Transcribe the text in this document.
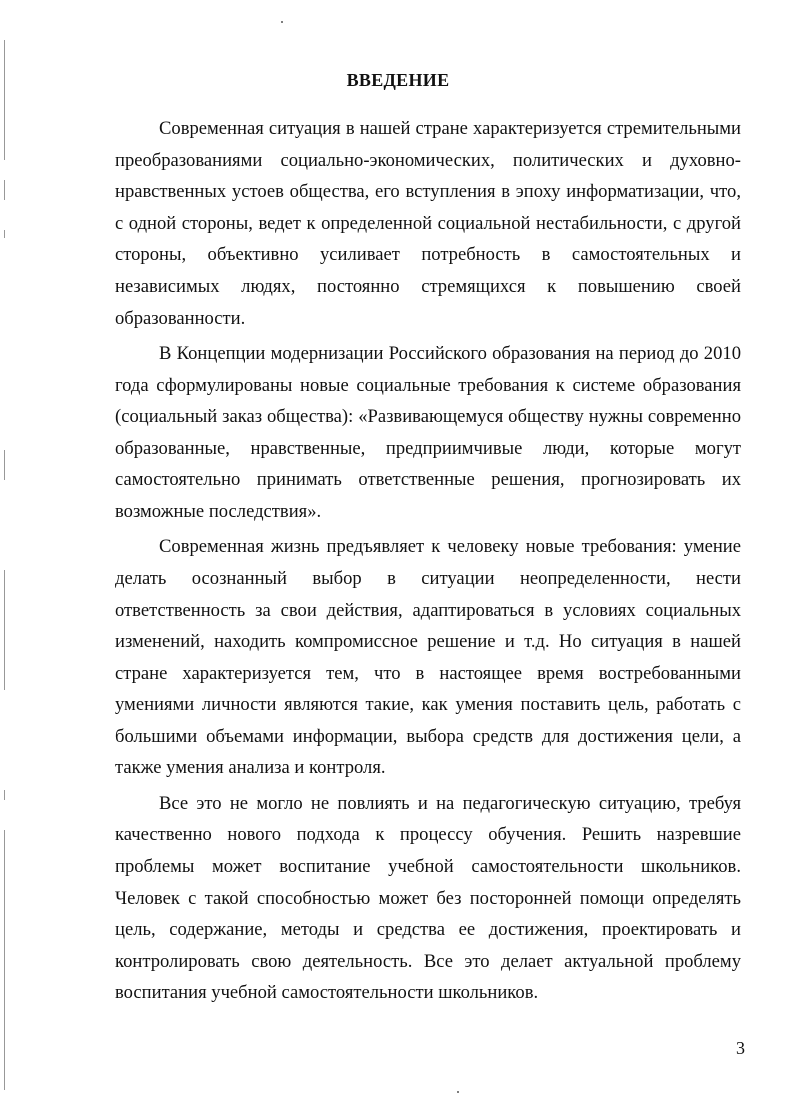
ВВЕДЕНИЕ

Современная ситуация в нашей стране характеризуется стремительными преобразованиями социально-экономических, политических и духовно-нравственных устоев общества, его вступления в эпоху информатизации, что, с одной стороны, ведет к определенной социальной нестабильности, с другой стороны, объективно усиливает потребность в самостоятельных и независимых людях, постоянно стремящихся к повышению своей образованности.

В Концепции модернизации Российского образования на период до 2010 года сформулированы новые социальные требования к системе образования (социальный заказ общества): «Развивающемуся обществу нужны современно образованные, нравственные, предприимчивые люди, которые могут самостоятельно принимать ответственные решения, прогнозировать их возможные последствия».

Современная жизнь предъявляет к человеку новые требования: умение делать осознанный выбор в ситуации неопределенности, нести ответственность за свои действия, адаптироваться в условиях социальных изменений, находить компромиссное решение и т.д. Но ситуация в нашей стране характеризуется тем, что в настоящее время востребованными умениями личности являются такие, как умения поставить цель, работать с большими объемами информации, выбора средств для достижения цели, а также умения анализа и контроля.

Все это не могло не повлиять и на педагогическую ситуацию, требуя качественно нового подхода к процессу обучения. Решить назревшие проблемы может воспитание учебной самостоятельности школьников. Человек с такой способностью может без посторонней помощи определять цель, содержание, методы и средства ее достижения, проектировать и контролировать свою деятельность. Все это делает актуальной проблему воспитания учебной самостоятельности школьников.

3
